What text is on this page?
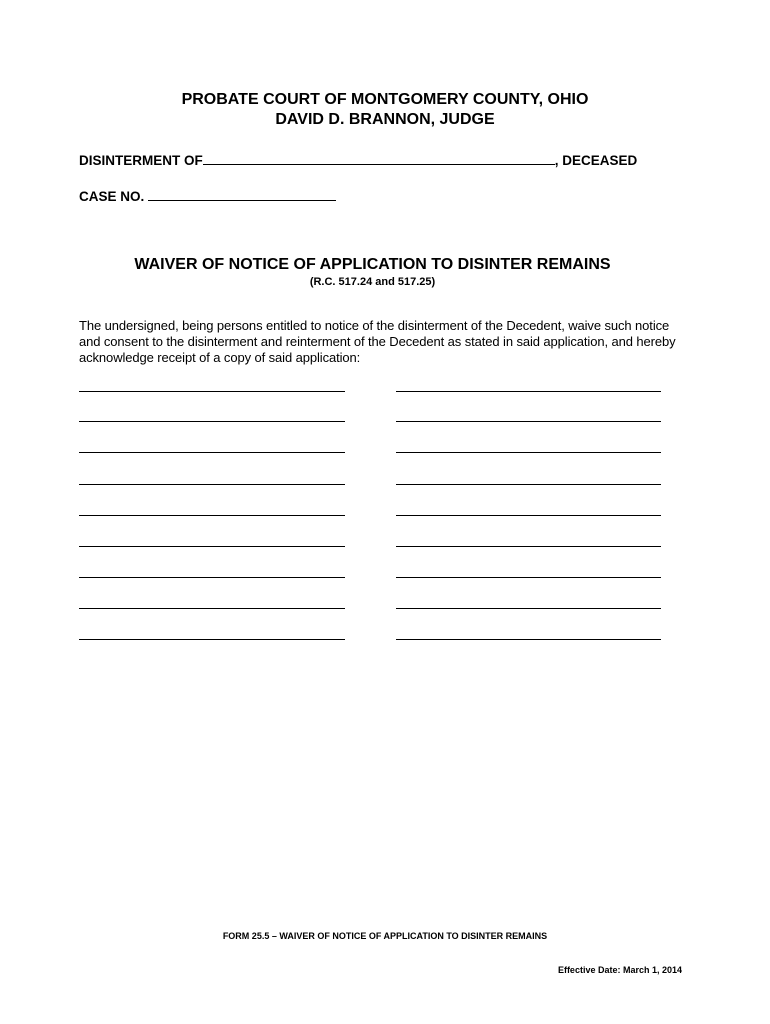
PROBATE COURT OF MONTGOMERY COUNTY, OHIO
DAVID D. BRANNON, JUDGE
DISINTERMENT OF	, DECEASED
CASE NO.
WAIVER OF NOTICE OF APPLICATION TO DISINTER REMAINS
(R.C. 517.24 and 517.25)
The undersigned, being persons entitled to notice of the disinterment of the Decedent, waive such notice and consent to the disinterment and reinterment of the Decedent as stated in said application, and hereby acknowledge receipt of a copy of said application:
FORM 25.5 – WAIVER OF NOTICE OF APPLICATION TO DISINTER REMAINS
Effective Date: March 1, 2014
